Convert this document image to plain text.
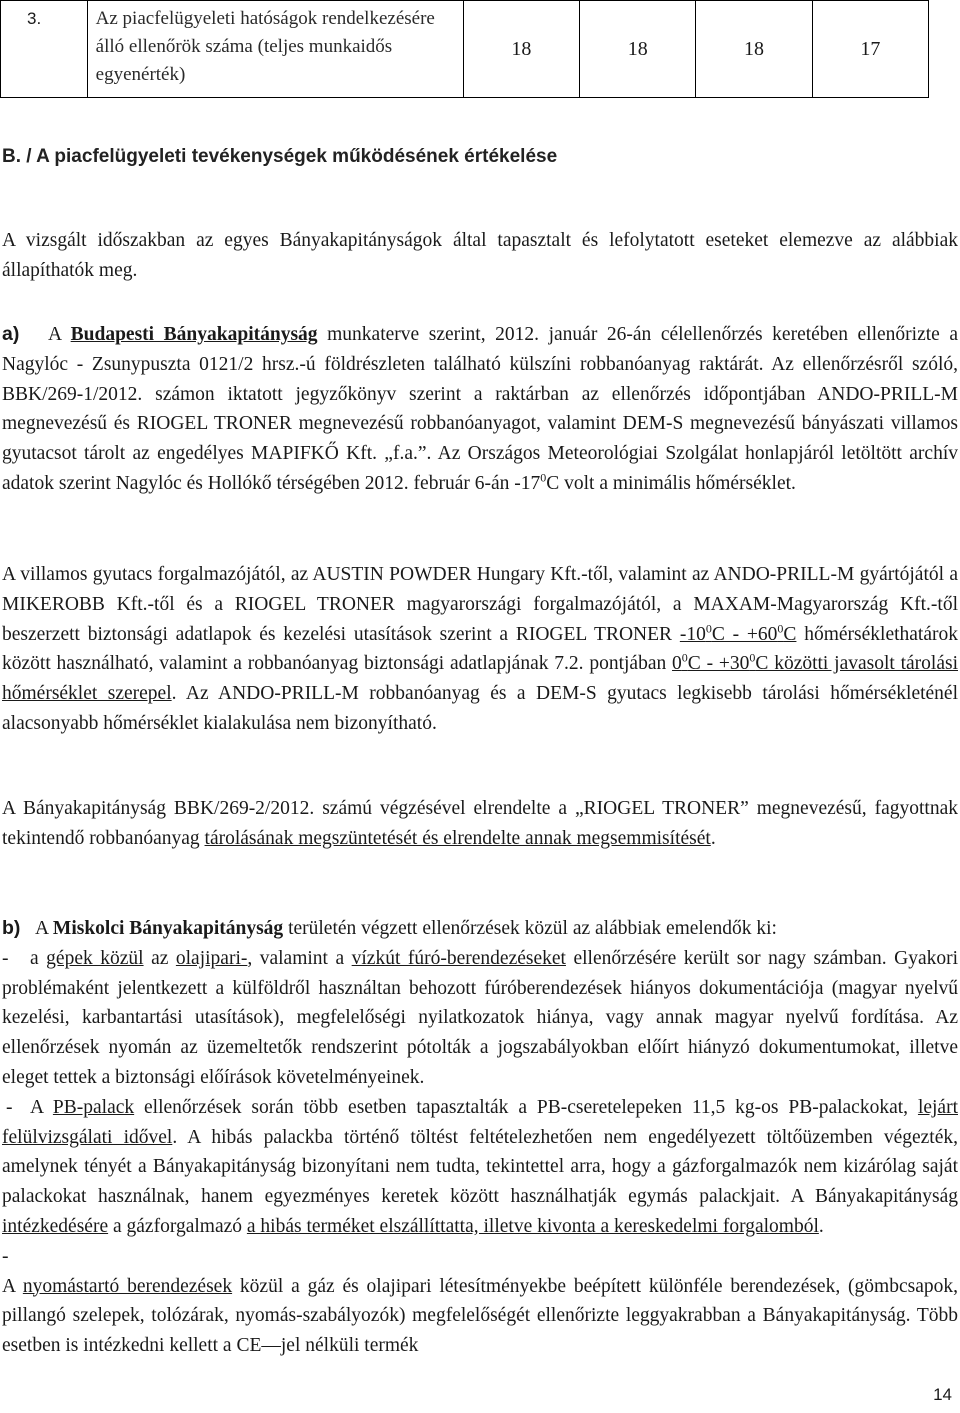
3.	Az piacfelügyeleti hatóságok rendelkezésére álló ellenőrök száma (teljes munkaidős egyenérték)	18	18	18	17
B. / A piacfelügyeleti tevékenységek működésének értékelése

A vizsgált időszakban az egyes Bányakapitányságok által tapasztalt és lefolytatott eseteket elemezve az alábbiak állapíthatók meg.

a) A Budapesti Bányakapitányság munkaterve szerint, 2012. január 26-án célellenőrzés keretében ellenőrizte a Nagylóc - Zsunypuszta 0121/2 hrsz.-ú földrészleten található külszíni robbanóanyag raktárát. Az ellenőrzésről szóló, BBK/269-1/2012. számon iktatott jegyzőkönyv szerint a raktárban az ellenőrzés időpontjában ANDO-PRILL-M megnevezésű és RIOGEL TRONER megnevezésű robbanóanyagot, valamint DEM-S megnevezésű bányászati villamos gyutacsot tárolt az engedélyes MAPIFKŐ Kft. „f.a.”. Az Országos Meteorológiai Szolgálat honlapjáról letöltött archív adatok szerint Nagylóc és Hollókő térségében 2012. február 6-án $-17^0C$ volt a minimális hőmérséklet.

A villamos gyutacs forgalmazójától, az AUSTIN POWDER Hungary Kft.-től, valamint az ANDO-PRILL-M gyártójától a MIKEROBB Kft.-től és a RIOGEL TRONER magyarországi forgalmazójától, a MAXAM-Magyarország Kft.-től beszerzett biztonsági adatlapok és kezelési utasítások szerint a RIOGEL TRONER $-10^0C - +60^0C$ hőmérséklethatárok között használható, valamint a robbanóanyag biztonsági adatlapjának 7.2. pontjában $0^0C - +30^0C$ közötti javasolt tárolási hőmérséklet szerepel. Az ANDO-PRILL-M robbanóanyag és a DEM-S gyutacs legkisebb tárolási hőmérsékleténél alacsonyabb hőmérséklet kialakulása nem bizonyítható.

A Bányakapitányság BBK/269-2/2012. számú végzésével elrendelte a „RIOGEL TRONER” megnevezésű, fagyottnak tekintendő robbanóanyag tárolásának megszüntetését és elrendelte annak megsemmisítését.

b) A Miskolci Bányakapitányság területén végzett ellenőrzések közül az alábbiak emelendők ki:

- a gépek közül az olajipari-, valamint a vízkút fúró-berendezéseket ellenőrzésére került sor nagy számban. Gyakori problémaként jelentkezett a külföldről használtan behozott fúróberendezések hiányos dokumentációja (magyar nyelvű kezelési, karbantartási utasítások), megfelelőségi nyilatkozatok hiánya, vagy annak magyar nyelvű fordítása. Az ellenőrzések nyomán az üzemeltetők rendszerint pótolták a jogszabályokban előírt hiányzó dokumentumokat, illetve eleget tettek a biztonsági előírások követelményeinek.

- A PB-palack ellenőrzések során több esetben tapasztalták a PB-cseretelepeken 11,5 kg-os PB-palackokat, lejárt felülvizsgálati idővel. A hibás palackba történő töltést feltételezhetően nem engedélyezett töltőüzemben végezték, amelynek tényét a Bányakapitányság bizonyítani nem tudta, tekintettel arra, hogy a gázforgalmazók nem kizárólag saját palackokat használnak, hanem egyezményes keretek között használhatják egymás palackjait. A Bányakapitányság intézkedésére a gázforgalmazó a hibás terméket elszállíttatta, illetve kivonta a kereskedelmi forgalomból.

-

A nyomástartó berendezések közül a gáz és olajipari létesítményekbe beépített különféle berendezések, (gömbcsapok, pillangó szelepek, tolózárak, nyomás-szabályozók) megfelelőségét ellenőrizte leggyakrabban a Bányakapitányság. Több esetben is intézkedni kellett a CE—jel nélküli termék

14
